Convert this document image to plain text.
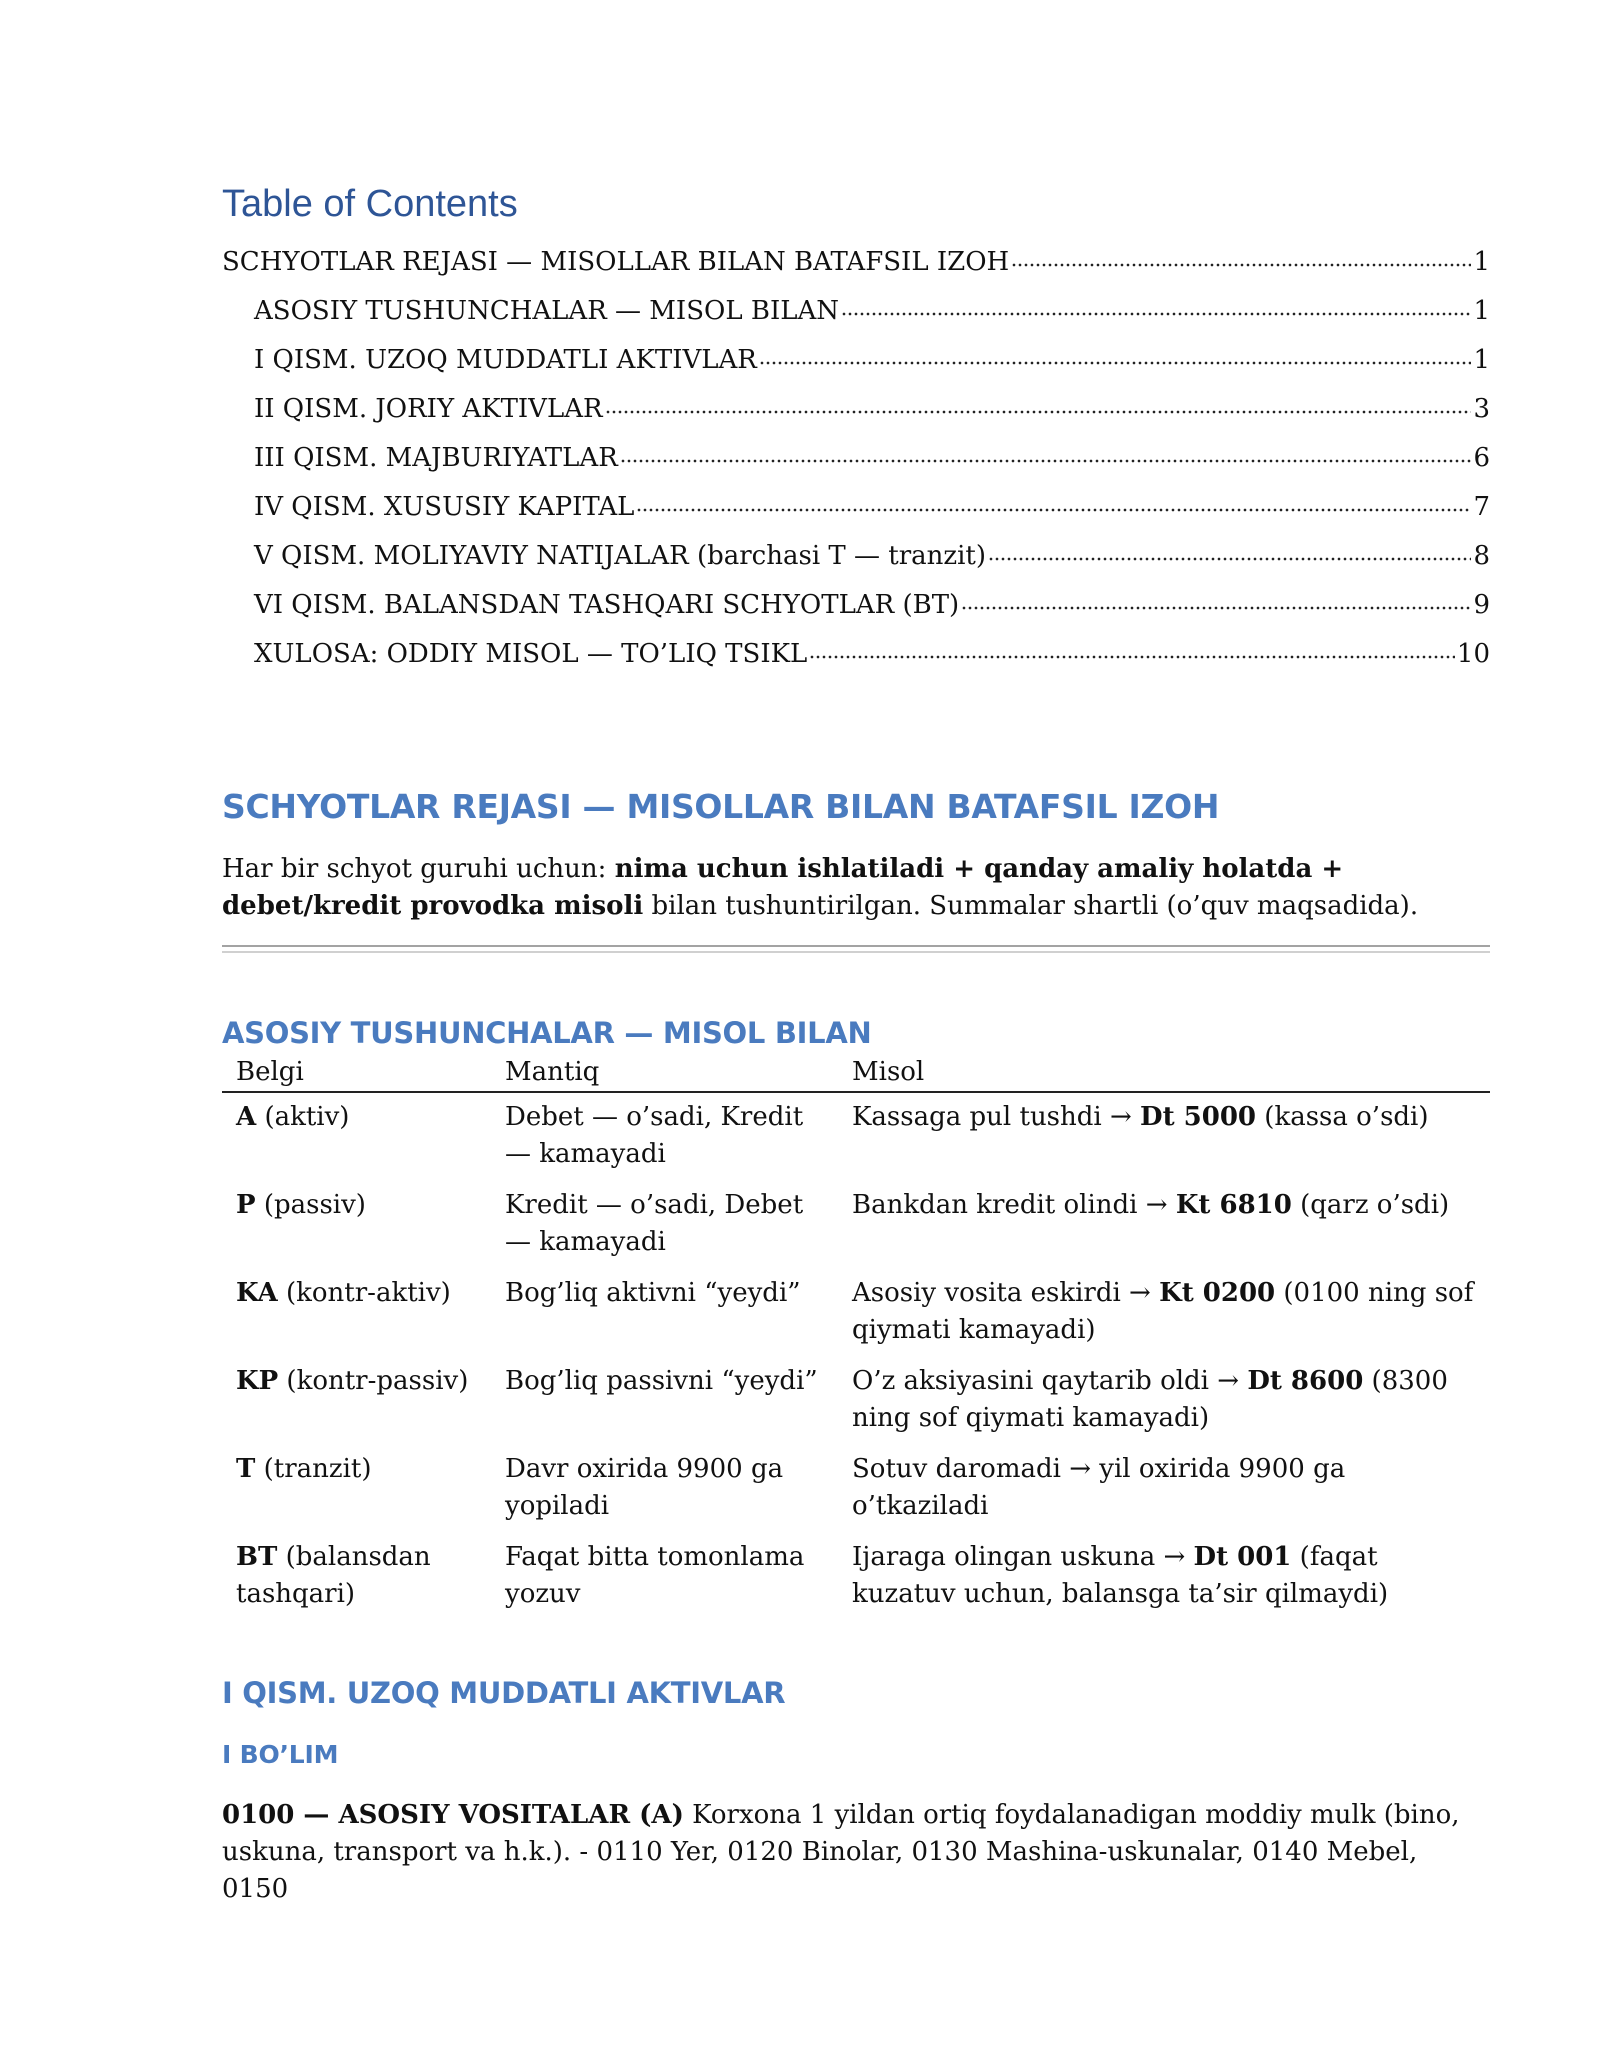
Table of Contents
SCHYOTLAR REJASI — MISOLLAR BILAN BATAFSIL IZOH	1
ASOSIY TUSHUNCHALAR — MISOL BILAN	1
I QISM. UZOQ MUDDATLI AKTIVLAR	1
II QISM. JORIY AKTIVLAR	3
III QISM. MAJBURIYATLAR	6
IV QISM. XUSUSIY KAPITAL	7
V QISM. MOLIYAVIY NATIJALAR (barchasi T — tranzit)	8
VI QISM. BALANSDAN TASHQARI SCHYOTLAR (BT)	9
XULOSA: ODDIY MISOL — TO’LIQ TSIKL	10
SCHYOTLAR REJASI — MISOLLAR BILAN BATAFSIL IZOH

Har bir schyot guruhi uchun: nima uchun ishlatiladi + qanday amaliy holatda + debet/kredit provodka misoli bilan tushuntirilgan. Summalar shartli (o’quv maqsadida).

ASOSIY TUSHUNCHALAR — MISOL BILAN
Belgi	Mantiq	Misol
A (aktiv)	Debet — o’sadi, Kredit — kamayadi	Kassaga pul tushdi → Dt 5000 (kassa o’sdi)
P (passiv)	Kredit — o’sadi, Debet — kamayadi	Bankdan kredit olindi → Kt 6810 (qarz o’sdi)
KA (kontr-aktiv)	Bog’liq aktivni “yeydi”	Asosiy vosita eskirdi → Kt 0200 (0100 ning sof qiymati kamayadi)
KP (kontr-passiv)	Bog’liq passivni “yeydi”	O’z aksiyasini qaytarib oldi → Dt 8600 (8300 ning sof qiymati kamayadi)
T (tranzit)	Davr oxirida 9900 ga yopiladi	Sotuv daromadi → yil oxirida 9900 ga o’tkaziladi
BT (balansdan tashqari)	Faqat bitta tomonlama yozuv	Ijaraga olingan uskuna → Dt 001 (faqat kuzatuv uchun, balansga ta’sir qilmaydi)
I QISM. UZOQ MUDDATLI AKTIVLAR
I BO’LIM

0100 — ASOSIY VOSITALAR (A) Korxona 1 yildan ortiq foydalanadigan moddiy mulk (bino, uskuna, transport va h.k.). - 0110 Yer, 0120 Binolar, 0130 Mashina-uskunalar, 0140 Mebel, 0150
